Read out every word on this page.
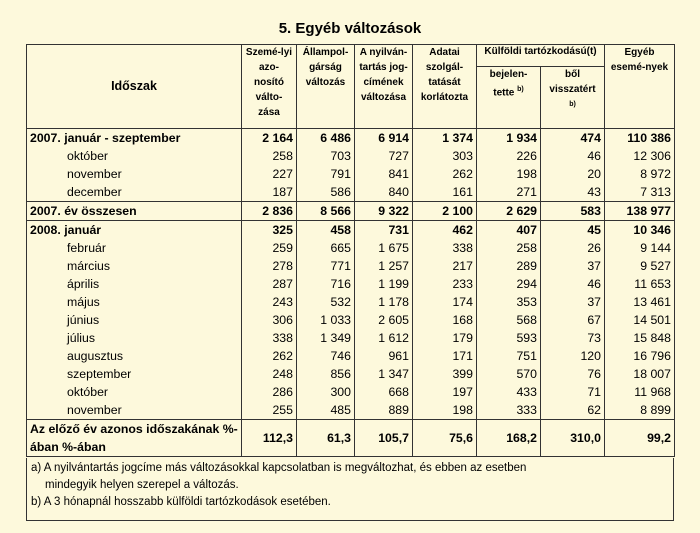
5. Egyéb változások
Időszak	Szemé-lyi azo-nosító válto-zása	Állampol-gárság változás	A nyilván-tartás jog-címének változása	Adatai szolgál-tatását korlátozta	Külföldi tartózkodású(t)		Egyéb esemé-nyek
					bejelen-tette $^{b)}$	ből visszatért
$^{b)}$
2007. január - szeptember	2 164	6 486	6 914	1 374	1 934	474	110 386
október	258	703	727	303	226	46	12 306
november	227	791	841	262	198	20	8 972
december	187	586	840	161	271	43	7 313
2007. év összesen	2 836	8 566	9 322	2 100	2 629	583	138 977
2008. január	325	458	731	462	407	45	10 346
február	259	665	1 675	338	258	26	9 144
március	278	771	1 257	217	289	37	9 527
április	287	716	1 199	233	294	46	11 653
május	243	532	1 178	174	353	37	13 461
június	306	1 033	2 605	168	568	67	14 501
július	338	1 349	1 612	179	593	73	15 848
augusztus	262	746	961	171	751	120	16 796
szeptember	248	856	1 347	399	570	76	18 007
október	286	300	668	197	433	71	11 968
november	255	485	889	198	333	62	8 899
Az előző év azonos időszakának %-ában %-ában	112,3	61,3	105,7	75,6	168,2	310,0	99,2
a) A nyilvántartás jogcíme más változásokkal kapcsolatban is megváltozhat, és ebben az esetben
mindegyik helyen szerepel a változás.
b) A 3 hónapnál hosszabb külföldi tartózkodások esetében.
